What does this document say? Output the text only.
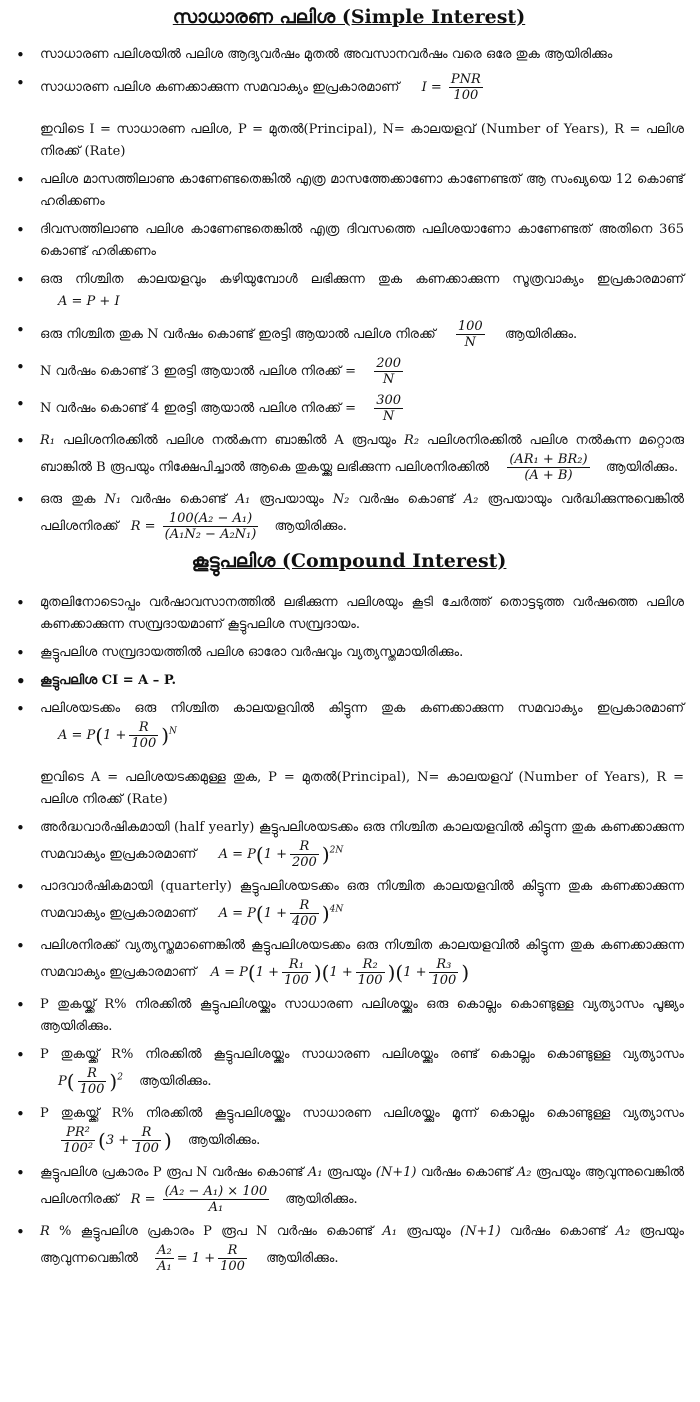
സാധാരണ പലിശ (Simple Interest)
• സാധാരണ പലിശയിൽ പലിശ ആദ്യവർഷം മുതൽ അവസാനവർഷം വരെ ഒരേ തുക ആയിരിക്കും
• സാധാരണ പലിശ കണക്കാക്കുന്ന സമവാക്യം ഇപ്രകാരമാണ് $I = \frac{\text{PNR}}{100}$
ഇവിടെ I = സാധാരണ പലിശ, P = മുതൽ(Principal), N= കാലയളവ് (Number of Years), R = പലിശ നിരക്ക് (Rate)
• പലിശ മാസത്തിലാണു കാണേണ്ടതെങ്കിൽ എത്ര മാസത്തേക്കാണോ കാണേണ്ടത് ആ സംഖ്യയെ 12 കൊണ്ട് ഹരിക്കണം
• ദിവസത്തിലാണു പലിശ കാണേണ്ടതെങ്കിൽ എത്ര ദിവസത്തെ പലിശയാണോ കാണേണ്ടത് അതിനെ 365 കൊണ്ട് ഹരിക്കണം
• ഒരു നിശ്ചിത കാലയളവും കഴിയുമ്പോൾ ലഭിക്കുന്ന തുക കണക്കാക്കുന്ന സൂത്രവാക്യം ഇപ്രകാരമാണ് A = P + I
• ഒരു നിശ്ചിത തുക N വർഷം കൊണ്ട് ഇരട്ടി ആയാൽ പലിശ നിരക്ക് $\frac{100}{N}$ ആയിരിക്കും.
• N വർഷം കൊണ്ട് 3 ഇരട്ടി ആയാൽ പലിശ നിരക്ക് = $\frac{200}{N}$
• N വർഷം കൊണ്ട് 4 ഇരട്ടി ആയാൽ പലിശ നിരക്ക് = $\frac{300}{N}$
• R₁ പലിശനിരക്കിൽ പലിശ നൽകുന്ന ബാങ്കിൽ A രൂപയും R₂ പലിശനിരക്കിൽ പലിശ നൽകുന്ന മറ്റൊരു ബാങ്കിൽ B രൂപയും നിക്ഷേപിച്ചാൽ ആകെ തുകയ്ക്കു ലഭിക്കുന്ന പലിശനിരക്കിൽ $\frac{\text{(AR₁ + BR₂)}}{(A + B)}$ ആയിരിക്കും.
• ഒരു തുക N₁ വർഷം കൊണ്ട് A₁ രൂപയായും N₂ വർഷം കൊണ്ട് A₂ രൂപയായും വർദ്ധിക്കുന്നുവെങ്കിൽ പലിശനിരക്ക് $R = \frac{\text{100(A₂ − A₁)}}{\text{(A₁N₂ − A₂N₁)}}$ ആയിരിക്കും.
കൂട്ടുപലിശ (Compound Interest)
• മുതലിനോടൊപ്പം വർഷാവസാനത്തിൽ ലഭിക്കുന്ന പലിശയും കൂടി ചേർത്ത് തൊട്ടടുത്ത വർഷത്തെ പലിശ കണക്കാക്കുന്ന സമ്പ്രദായമാണ് കൂട്ടുപലിശ സമ്പ്രദായം.
• കൂട്ടുപലിശ സമ്പ്രദായത്തിൽ പലിശ ഓരോ വർഷവും വ്യത്യസ്തമായിരിക്കും.
• കൂട്ടുപലിശ CI = A – P.
• പലിശയടക്കം ഒരു നിശ്ചിത കാലയളവിൽ കിട്ടുന്ന തുക കണക്കാക്കുന്ന സമവാക്യം ഇപ്രകാരമാണ് $A = P(1 + \frac{R}{100} )^N$
ഇവിടെ A = പലിശയടക്കമുള്ള തുക, P = മുതൽ(Principal), N= കാലയളവ് (Number of Years), R = പലിശ നിരക്ക് (Rate)
• അർദ്ധവാർഷികമായി (half yearly) കൂട്ടുപലിശയടക്കം ഒരു നിശ്ചിത കാലയളവിൽ കിട്ടുന്ന തുക കണക്കാക്കുന്ന സമവാക്യം ഇപ്രകാരമാണ് $A = P(1 + \frac{R}{200} )^{2N}$
• പാദവാർഷികമായി (quarterly) കൂട്ടുപലിശയടക്കം ഒരു നിശ്ചിത കാലയളവിൽ കിട്ടുന്ന തുക കണക്കാക്കുന്ന സമവാക്യം ഇപ്രകാരമാണ് $A = P(1 + \frac{R}{400} )^{4N}$
• പലിശനിരക്ക് വ്യത്യസ്തമാണെങ്കിൽ കൂട്ടുപലിശയടക്കം ഒരു നിശ്ചിത കാലയളവിൽ കിട്ടുന്ന തുക കണക്കാക്കുന്ന സമവാക്യം ഇപ്രകാരമാണ് $A = P(1 + \frac{\text{R₁}}{100} )(1 + \frac{\text{R₂}}{100} )(1 + \frac{\text{R₃}}{100}$ )
• P തുകയ്ക്ക് R% നിരക്കിൽ കൂട്ടുപലിശയ്ക്കും സാധാരണ പലിശയ്ക്കും ഒരു കൊല്ലം കൊണ്ടുള്ള വ്യത്യാസം പൂജ്യം ആയിരിക്കും.
• P തുകയ്ക്ക് R% നിരക്കിൽ കൂട്ടുപലിശയ്ക്കും സാധാരണ പലിശയ്ക്കും രണ്ട് കൊല്ലം കൊണ്ടുള്ള വ്യത്യാസം $P( \frac{R}{100} )^2$ ആയിരിക്കും.
• P തുകയ്ക്ക് R% നിരക്കിൽ കൂട്ടുപലിശയ്ക്കും സാധാരണ പലിശയ്ക്കും മൂന്ന് കൊല്ലം കൊണ്ടുള്ള വ്യത്യാസം
$\frac{\text{PR²}}{\text{100²}} (3 + \frac{R}{100}$ ) ആയിരിക്കും.
• കൂട്ടുപലിശ പ്രകാരം P രൂപ N വർഷം കൊണ്ട് A₁ രൂപയും (N+1) വർഷം കൊണ്ട് A₂ രൂപയും ആവുന്നുവെങ്കിൽ പലിശനിരക്ക് $R = \frac{\text{(A₂ − A₁) × 100}}{\text{A₁}}$ ആയിരിക്കും.
• R % കൂട്ടുപലിശ പ്രകാരം P രൂപ N വർഷം കൊണ്ട് A₁ രൂപയും (N+1) വർഷം കൊണ്ട് A₂ രൂപയും ആവുന്നവെങ്കിൽ $\frac{\text{A₂}}{\text{A₁}} = 1 + \frac{R}{100}$ ആയിരിക്കും.
